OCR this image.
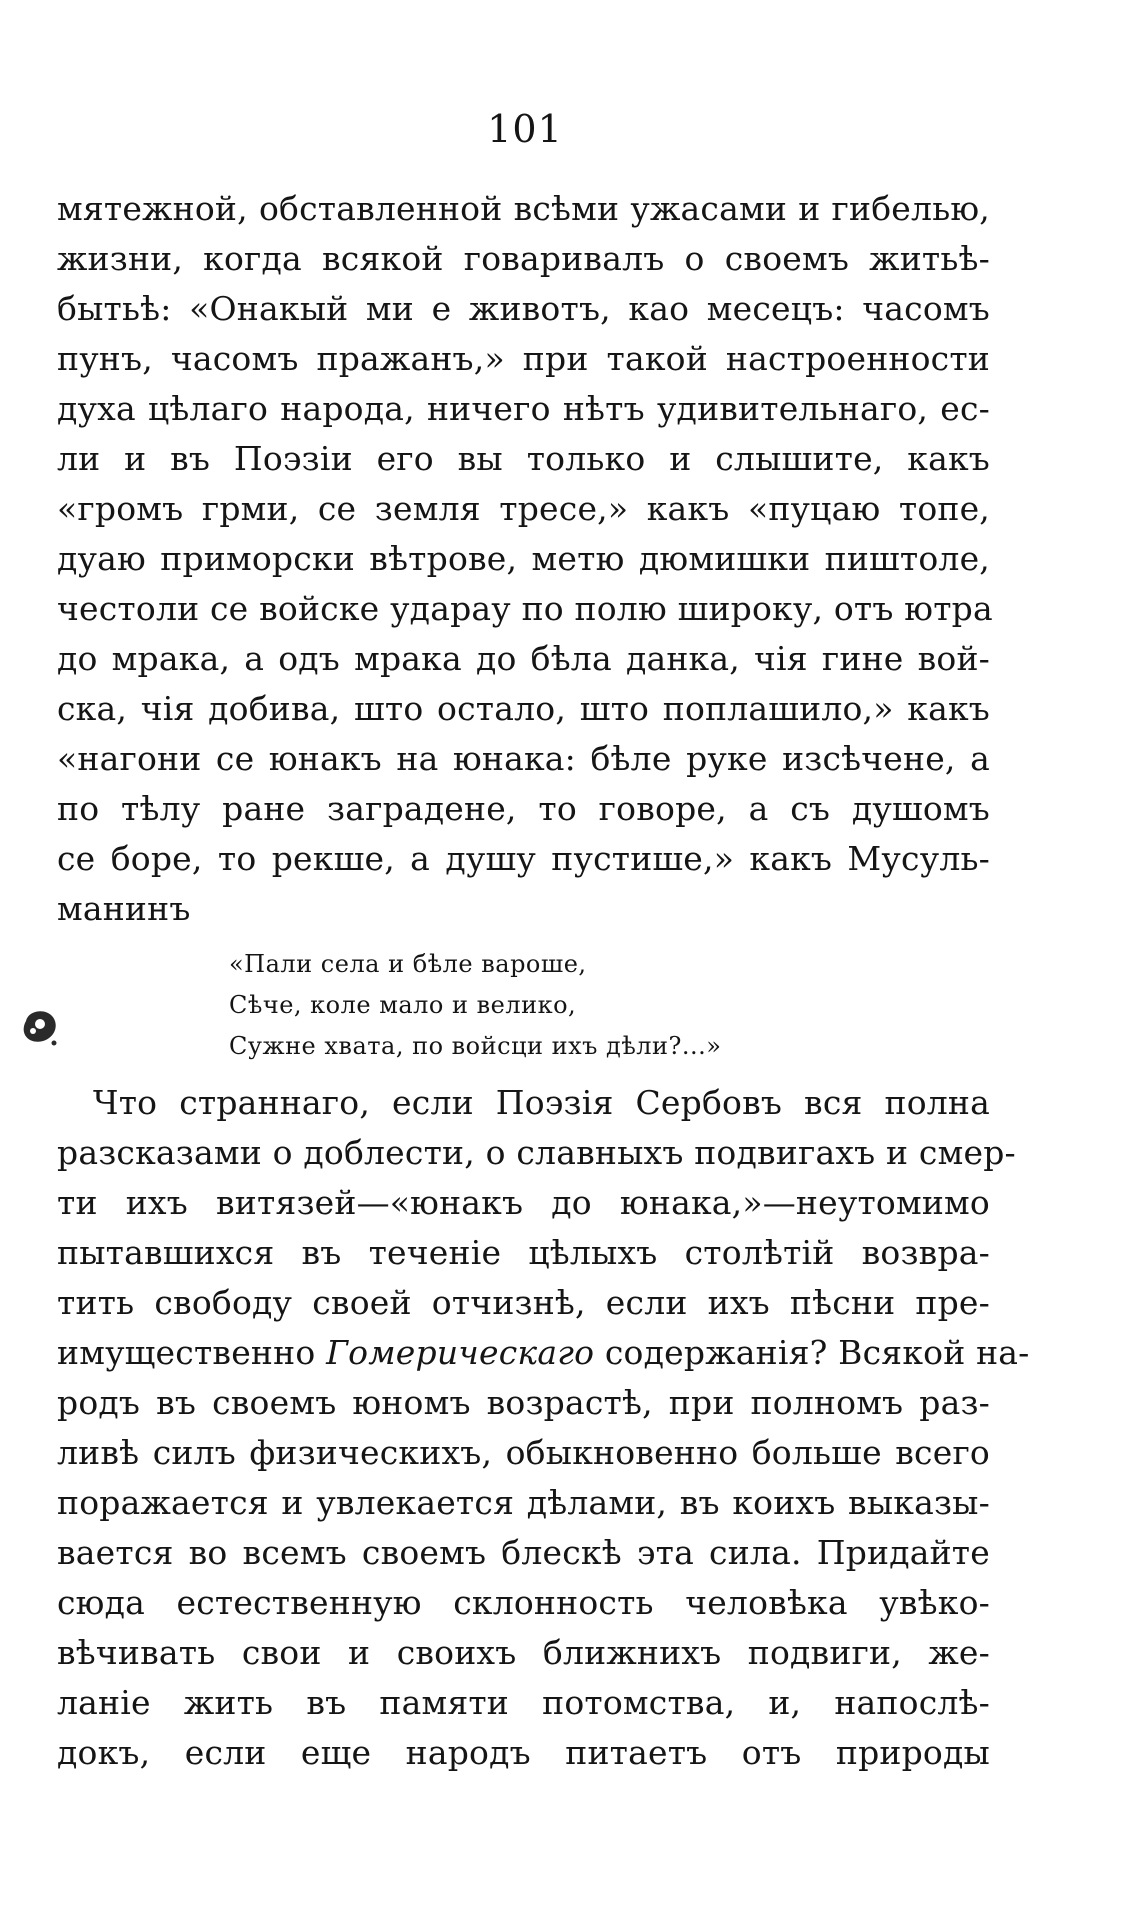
101
мятежной, обставленной всѣми ужасами и гибелью,
жизни, когда всякой говаривалъ о своемъ житьѣ-
бытьѣ: «Онакый ми е животъ, као месецъ: часомъ
пунъ, часомъ пражанъ,» при такой настроенности
духа цѣлаго народа, ничего нѣтъ удивительнаго, ес-
ли и въ Поэзіи его вы только и слышите, какъ
«громъ грми, се земля тресе,» какъ «пуцаю топе,
дуаю приморски вѣтрове, метю дюмишки пиштоле,
честоли се войске ударау по полю широку, отъ ютра
до мрака, а одъ мрака до бѣла данка, чія гине вой-
ска, чія добива, што остало, што поплашило,» какъ
«нагони се юнакъ на юнака: бѣле руке изсѣчене, а
по тѣлу ране заградене, то говоре, а съ душомъ
се боре, то рекше, а душу пустише,» какъ Мусуль-
манинъ
«Пали села и бѣле вароше,
Сѣче, коле мало и велико,
Сужне хвата, по войсци ихъ дѣли?...»
Что страннаго, если Поэзія Сербовъ вся полна
разсказами о доблести, о славныхъ подвигахъ и смер-
ти ихъ витязей—«юнакъ до юнака,»—неутомимо
пытавшихся въ теченіе цѣлыхъ столѣтій возвра-
тить свободу своей отчизнѣ, если ихъ пѣсни пре-
имущественно Гомерическаго содержанія? Всякой на-
родъ въ своемъ юномъ возрастѣ, при полномъ раз-
ливѣ силъ физическихъ, обыкновенно больше всего
поражается и увлекается дѣлами, въ коихъ выказы-
вается во всемъ своемъ блескѣ эта сила. Придайте
сюда естественную склонность человѣка увѣко-
вѣчивать свои и своихъ ближнихъ подвиги, же-
ланіе жить въ памяти потомства, и, напослѣ-
докъ, если еще народъ питаетъ отъ природы
